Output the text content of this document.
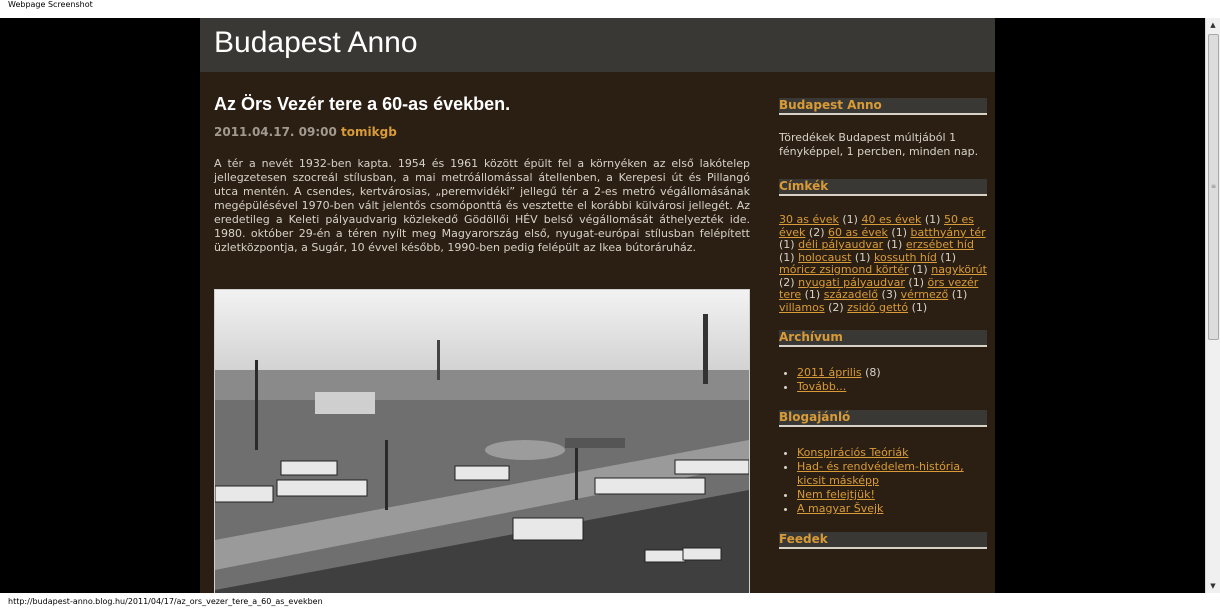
Webpage Screenshot
Budapest Anno
Az Örs Vezér tere a 60-as években.
2011.04.17. 09:00 tomikgb
A tér a nevét 1932-ben kapta. 1954 és 1961 között épült fel a környéken az első lakótelep jellegzetesen szocreál stílusban, a mai metróállomással átellenben, a Kerepesi út és Pillangó utca mentén. A csendes, kertvárosias, „peremvidéki” jellegű tér a 2-es metró végállomásának megépülésével 1970-ben vált jelentős csomóponttá és vesztette el korábbi külvárosi jellegét. Az eredetileg a Keleti pályaudvarig közlekedő Gödöllői HÉV belső végállomását áthelyezték ide. 1980. október 29-én a téren nyílt meg Magyarország első, nyugat-európai stílusban felépített üzletközpontja, a Sugár, 10 évvel később, 1990-ben pedig felépült az Ikea bútoráruház.
Budapest Anno
Töredékek Budapest múltjából 1 fényképpel, 1 percben, minden nap.
Címkék
30 as évek (1) 40 es évek (1) 50 es évek (2) 60 as évek (1) batthyány tér (1) déli pályaudvar (1) erzsébet híd (1) holocaust (1) kossuth híd (1) móricz zsigmond körtér (1) nagykörút (2) nyugati pályaudvar (1) örs vezér tere (1) századelő (3) vérmező (1) villamos (2) zsidó gettó (1)
Archívum
• 2011 április (8)
• Tovább...
Blogajánló
• Konspirációs Teóriák
• Had- és rendvédelem-história, kicsit másképp
• Nem felejtjük!
• A magyar Švejk
Feedek
▲
≡
▼
http://budapest-anno.blog.hu/2011/04/17/az_ors_vezer_tere_a_60_as_evekben
